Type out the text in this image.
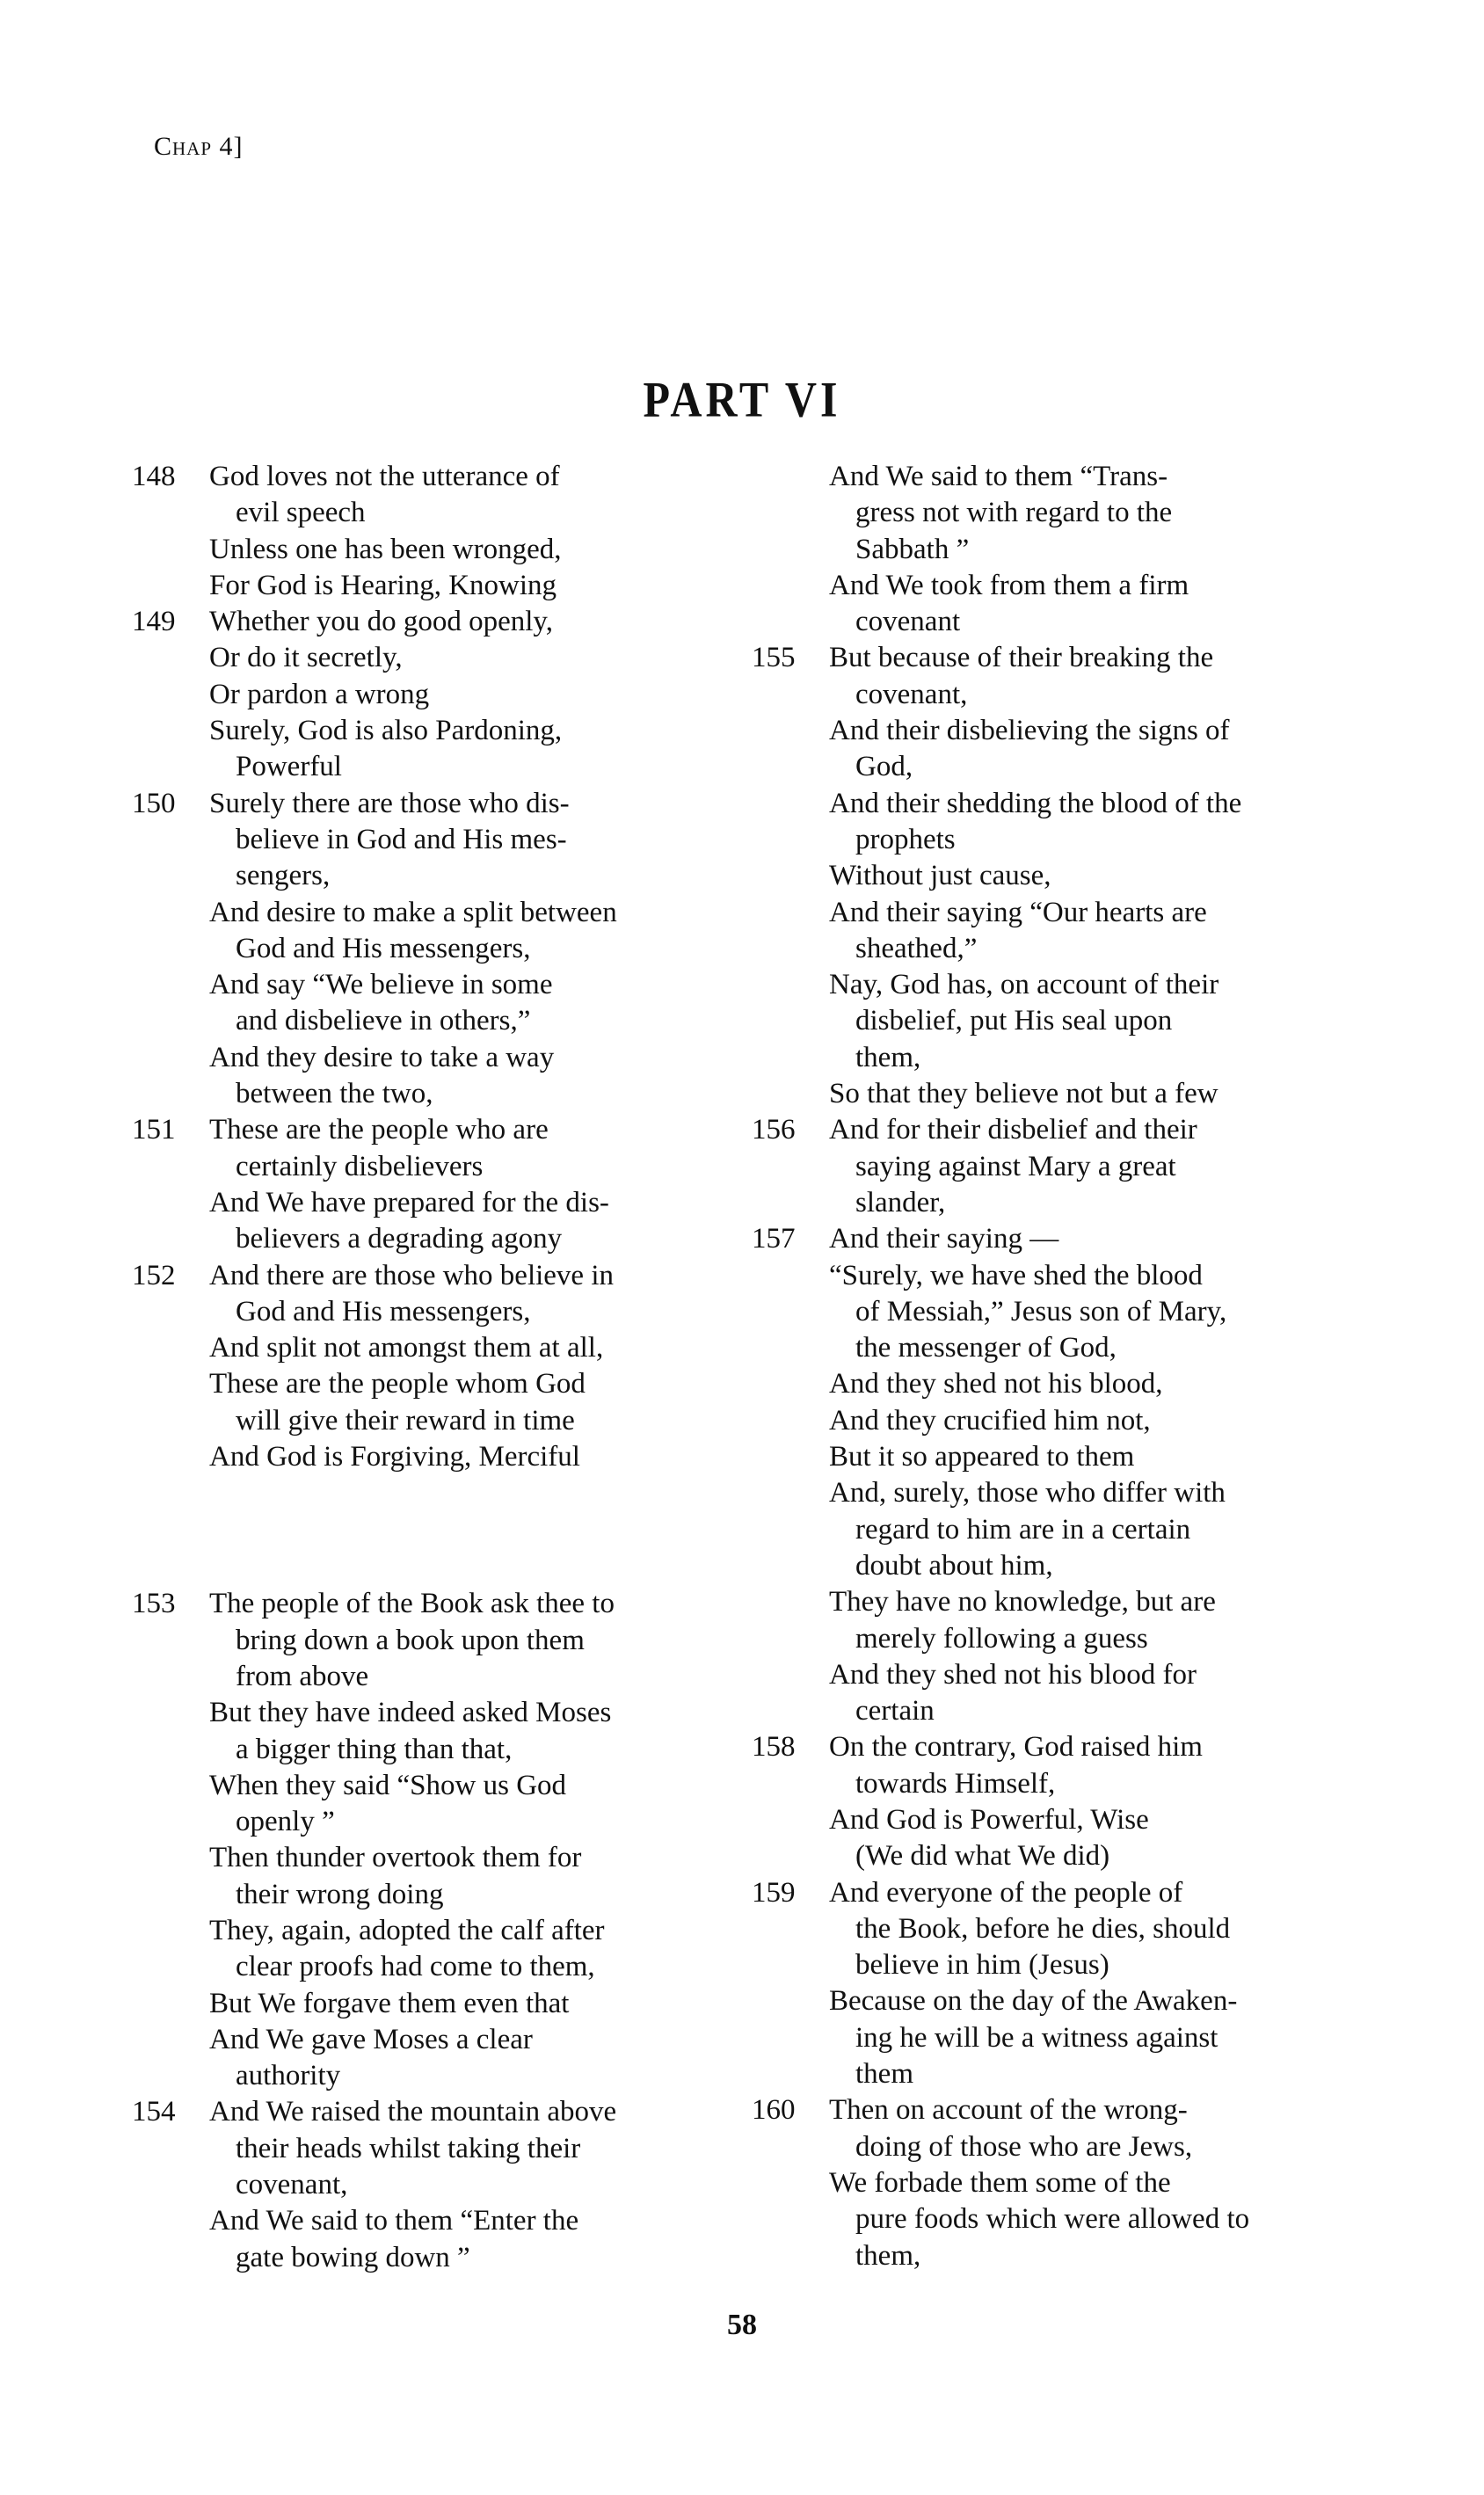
Chap 4]
PART VI
148	God loves not the utterance of
evil speech
Unless one has been wronged,
For God is Hearing, Knowing
149	Whether you do good openly,
Or do it secretly,
Or pardon a wrong
Surely, God is also Pardoning,
Powerful
150	Surely there are those who dis-
believe in God and His mes-
sengers,
And desire to make a split between
God and His messengers,
And say “We believe in some
and disbelieve in others,”
And they desire to take a way
between the two,
151	These are the people who are
certainly disbelievers
And We have prepared for the dis-
believers a degrading agony
152	And there are those who believe in
God and His messengers,
And split not amongst them at all,
These are the people whom God
will give their reward in time
And God is Forgiving, Merciful
153	The people of the Book ask thee to
bring down a book upon them
from above
But they have indeed asked Moses
a bigger thing than that,
When they said “Show us God
openly ”
Then thunder overtook them for
their wrong doing
They, again, adopted the calf after
clear proofs had come to them,
But We forgave them even that
And We gave Moses a clear
authority
154	And We raised the mountain above
their heads whilst taking their
covenant,
And We said to them “Enter the
gate bowing down ”
And We said to them “Trans-
gress not with regard to the
Sabbath ”
And We took from them a firm
covenant
155	But because of their breaking the
covenant,
And their disbelieving the signs of
God,
And their shedding the blood of the
prophets
Without just cause,
And their saying “Our hearts are
sheathed,”
Nay, God has, on account of their
disbelief, put His seal upon
them,
So that they believe not but a few
156	And for their disbelief and their
saying against Mary a great
slander,
157	And their saying —
“Surely, we have shed the blood
of Messiah,” Jesus son of Mary,
the messenger of God,
And they shed not his blood,
And they crucified him not,
But it so appeared to them
And, surely, those who differ with
regard to him are in a certain
doubt about him,
They have no knowledge, but are
merely following a guess
And they shed not his blood for
certain
158	On the contrary, God raised him
towards Himself,
And God is Powerful, Wise
(We did what We did)
159	And everyone of the people of
the Book, before he dies, should
believe in him (Jesus)
Because on the day of the Awaken-
ing he will be a witness against
them
160	Then on account of the wrong-
doing of those who are Jews,
We forbade them some of the
pure foods which were allowed to
them,
58
